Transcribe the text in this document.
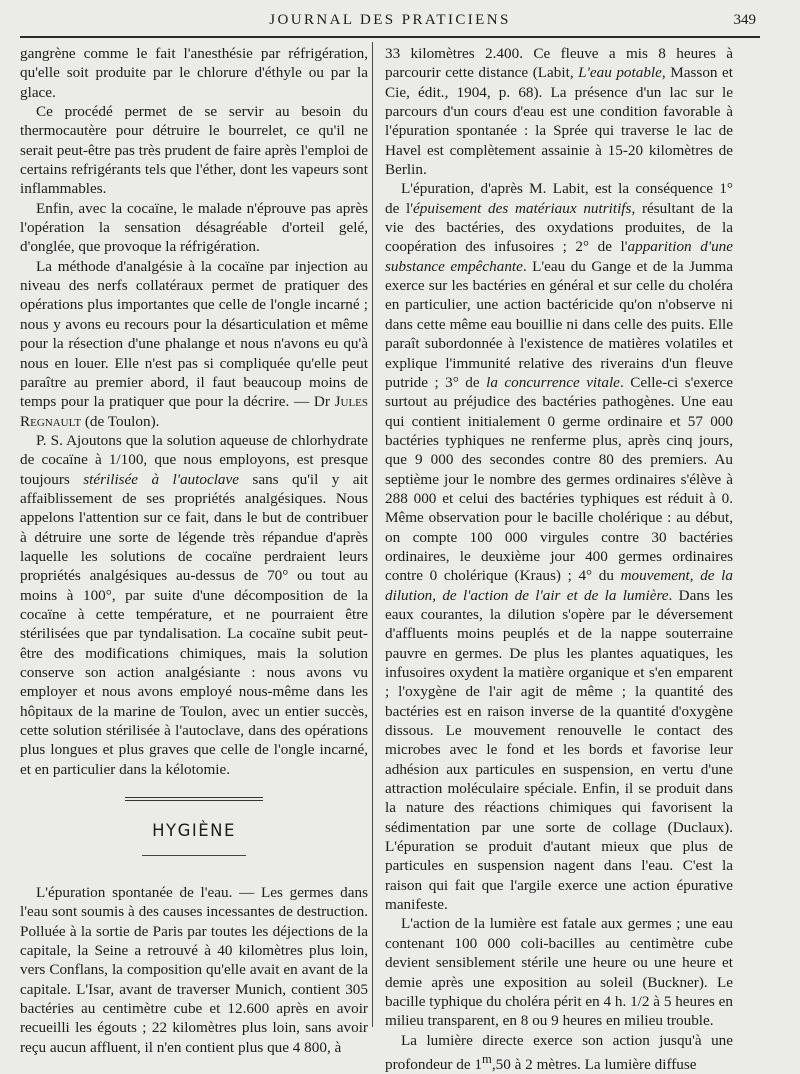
JOURNAL DES PRATICIENS	349

gangrène comme le fait l'anesthésie par réfrigération, qu'elle soit produite par le chlorure d'éthyle ou par la glace.

Ce procédé permet de se servir au besoin du thermocautère pour détruire le bourrelet, ce qu'il ne serait peut-être pas très prudent de faire après l'emploi de certains refrigérants tels que l'éther, dont les vapeurs sont inflammables.

Enfin, avec la cocaïne, le malade n'éprouve pas après l'opération la sensation désagréable d'orteil gelé, d'onglée, que provoque la réfrigération.

La méthode d'analgésie à la cocaïne par injection au niveau des nerfs collatéraux permet de pratiquer des opérations plus importantes que celle de l'ongle incarné ; nous y avons eu recours pour la désarticulation et même pour la résection d'une phalange et nous n'avons eu qu'à nous en louer. Elle n'est pas si compliquée qu'elle peut paraître au premier abord, il faut beaucoup moins de temps pour la pratiquer que pour la décrire. — Dr Jules Regnault (de Toulon).

P. S. Ajoutons que la solution aqueuse de chlorhydrate de cocaïne à 1/100, que nous employons, est presque toujours stérilisée à l'autoclave sans qu'il y ait affaiblissement de ses propriétés analgésiques. Nous appelons l'attention sur ce fait, dans le but de contribuer à détruire une sorte de légende très répandue d'après laquelle les solutions de cocaïne perdraient leurs propriétés analgésiques au-dessus de 70° ou tout au moins à 100°, par suite d'une décomposition de la cocaïne à cette température, et ne pourraient être stérilisées que par tyndalisation. La cocaïne subit peut-être des modifications chimiques, mais la solution conserve son action analgésiante : nous avons vu employer et nous avons employé nous-même dans les hôpitaux de la marine de Toulon, avec un entier succès, cette solution stérilisée à l'autoclave, dans des opérations plus longues et plus graves que celle de l'ongle incarné, et en particulier dans la kélotomie.

HYGIÈNE

L'épuration spontanée de l'eau. — Les germes dans l'eau sont soumis à des causes incessantes de destruction. Polluée à la sortie de Paris par toutes les déjections de la capitale, la Seine a retrouvé à 40 kilomètres plus loin, vers Conflans, la composition qu'elle avait en avant de la capitale. L'Isar, avant de traverser Munich, contient 305 bactéries au centimètre cube et 12.600 après en avoir recueilli les égouts ; 22 kilomètres plus loin, sans avoir reçu aucun affluent, il n'en contient plus que 4 800, à

33 kilomètres 2.400. Ce fleuve a mis 8 heures à parcourir cette distance (Labit, L'eau potable, Masson et Cie, édit., 1904, p. 68). La présence d'un lac sur le parcours d'un cours d'eau est une condition favorable à l'épuration spontanée : la Sprée qui traverse le lac de Havel est complètement assainie à 15-20 kilomètres de Berlin.

L'épuration, d'après M. Labit, est la conséquence 1° de l'épuisement des matériaux nutritifs, résultant de la vie des bactéries, des oxydations produites, de la coopération des infusoires ; 2° de l'apparition d'une substance empêchante. L'eau du Gange et de la Jumma exerce sur les bactéries en général et sur celle du choléra en particulier, une action bactéricide qu'on n'observe ni dans cette même eau bouillie ni dans celle des puits. Elle paraît subordonnée à l'existence de matières volatiles et explique l'immunité relative des riverains d'un fleuve putride ; 3° de la concurrence vitale. Celle-ci s'exerce surtout au préjudice des bactéries pathogènes. Une eau qui contient initialement 0 germe ordinaire et 57 000 bactéries typhiques ne renferme plus, après cinq jours, que 9 000 des secondes contre 80 des premiers. Au septième jour le nombre des germes ordinaires s'élève à 288 000 et celui des bactéries typhiques est réduit à 0. Même observation pour le bacille cholérique : au début, on compte 100 000 virgules contre 30 bactéries ordinaires, le deuxième jour 400 germes ordinaires contre 0 cholérique (Kraus) ; 4° du mouvement, de la dilution, de l'action de l'air et de la lumière. Dans les eaux courantes, la dilution s'opère par le déversement d'affluents moins peuplés et de la nappe souterraine pauvre en germes. De plus les plantes aquatiques, les infusoires oxydent la matière organique et s'en emparent ; l'oxygène de l'air agit de même ; la quantité des bactéries est en raison inverse de la quantité d'oxygène dissous. Le mouvement renouvelle le contact des microbes avec le fond et les bords et favorise leur adhésion aux particules en suspension, en vertu d'une attraction moléculaire spéciale. Enfin, il se produit dans la nature des réactions chimiques qui favorisent la sédimentation par une sorte de collage (Duclaux). L'épuration se produit d'autant mieux que plus de particules en suspension nagent dans l'eau. C'est la raison qui fait que l'argile exerce une action épurative manifeste.

L'action de la lumière est fatale aux germes ; une eau contenant 100 000 coli-bacilles au centimètre cube devient sensiblement stérile une heure ou une heure et demie après une exposition au soleil (Buckner). Le bacille typhique du choléra périt en 4 h. 1/2 à 5 heures en milieu transparent, en 8 ou 9 heures en milieu trouble.

La lumière directe exerce son action jusqu'à une profondeur de 1$^m$,50 à 2 mètres. La lumière diffuse
